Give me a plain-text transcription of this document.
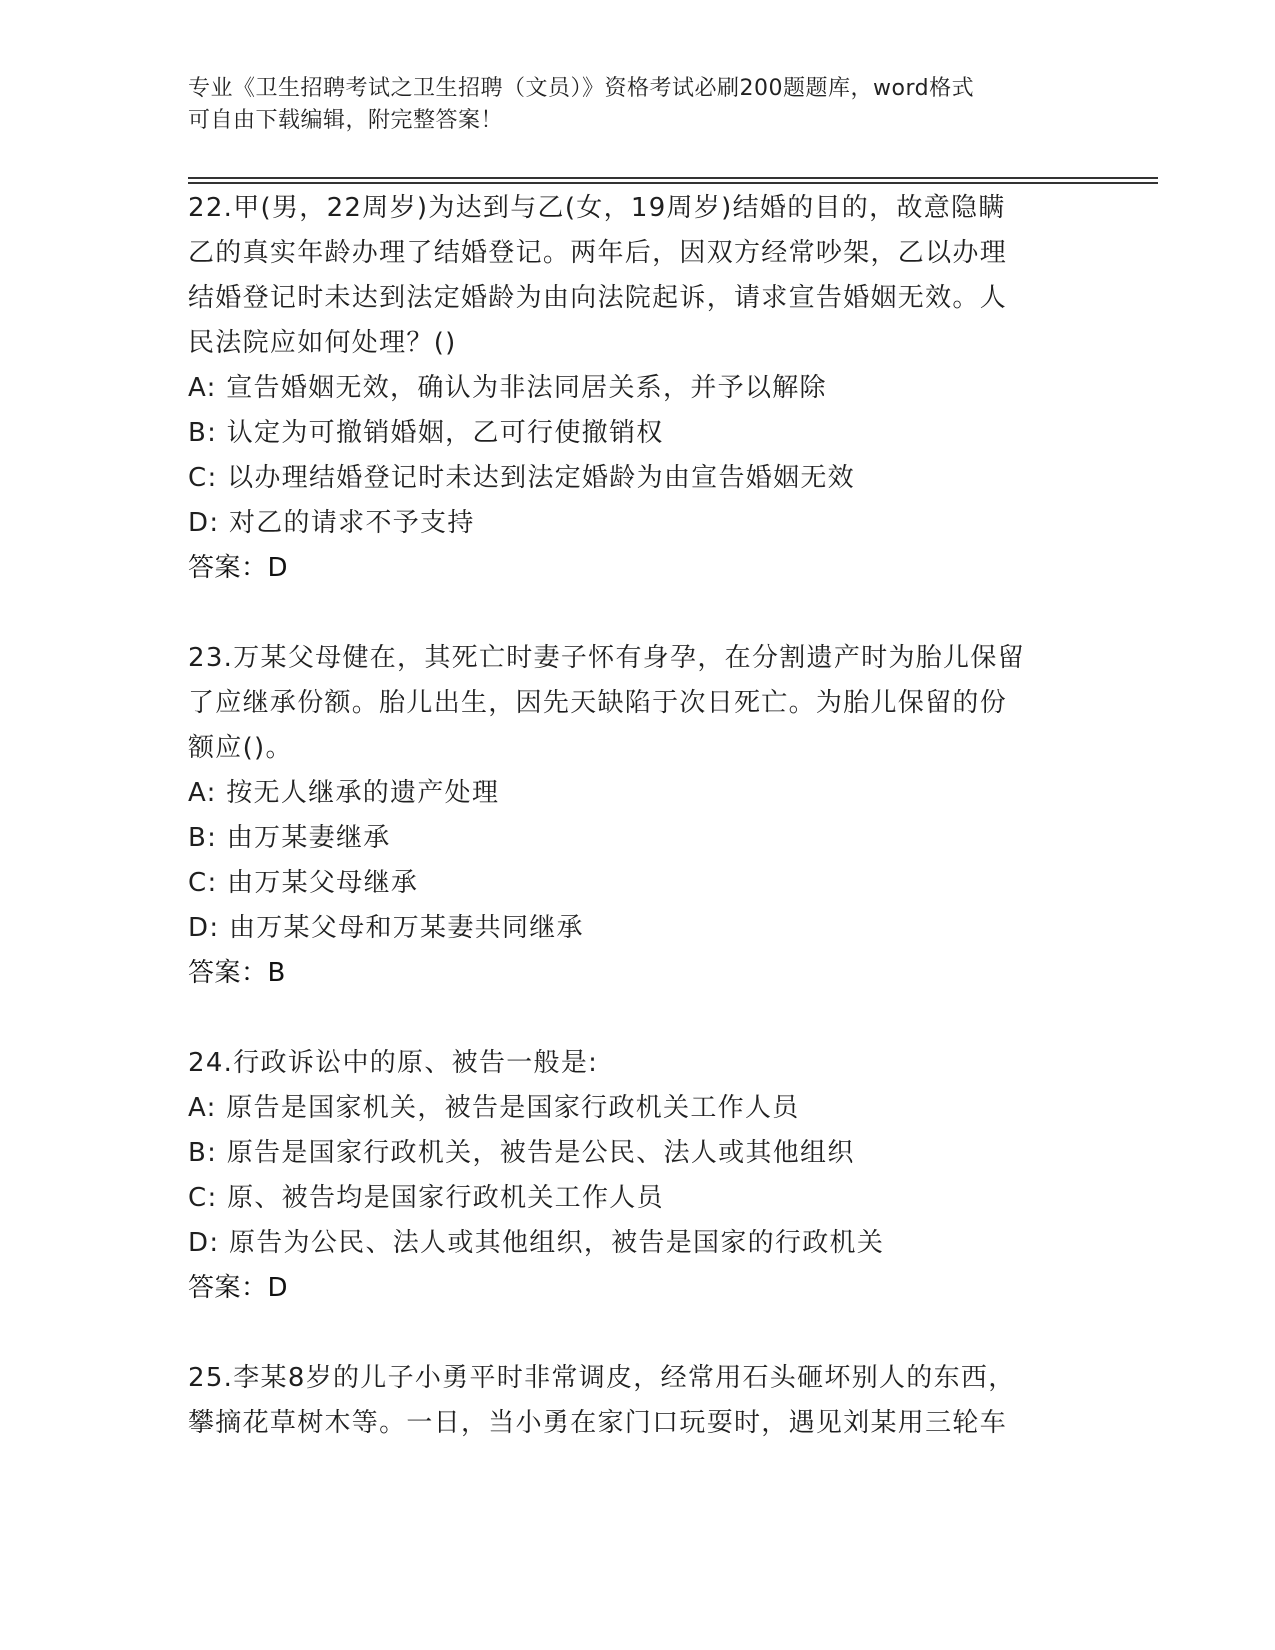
专业《卫生招聘考试之卫生招聘（文员）》资格考试必刷200题题库，word格式
可自由下载编辑，附完整答案！
22.甲(男，22周岁)为达到与乙(女，19周岁)结婚的目的，故意隐瞒
乙的真实年龄办理了结婚登记。两年后，因双方经常吵架，乙以办理
结婚登记时未达到法定婚龄为由向法院起诉，请求宣告婚姻无效。人
民法院应如何处理？()
A: 宣告婚姻无效，确认为非法同居关系，并予以解除
B: 认定为可撤销婚姻，乙可行使撤销权
C: 以办理结婚登记时未达到法定婚龄为由宣告婚姻无效
D: 对乙的请求不予支持
答案：D
23.万某父母健在，其死亡时妻子怀有身孕，在分割遗产时为胎儿保留
了应继承份额。胎儿出生，因先天缺陷于次日死亡。为胎儿保留的份
额应()。
A: 按无人继承的遗产处理
B: 由万某妻继承
C: 由万某父母继承
D: 由万某父母和万某妻共同继承
答案：B
24.行政诉讼中的原、被告一般是:
A: 原告是国家机关，被告是国家行政机关工作人员
B: 原告是国家行政机关，被告是公民、法人或其他组织
C: 原、被告均是国家行政机关工作人员
D: 原告为公民、法人或其他组织，被告是国家的行政机关
答案：D
25.李某8岁的儿子小勇平时非常调皮，经常用石头砸坏别人的东西，
攀摘花草树木等。一日，当小勇在家门口玩耍时，遇见刘某用三轮车
